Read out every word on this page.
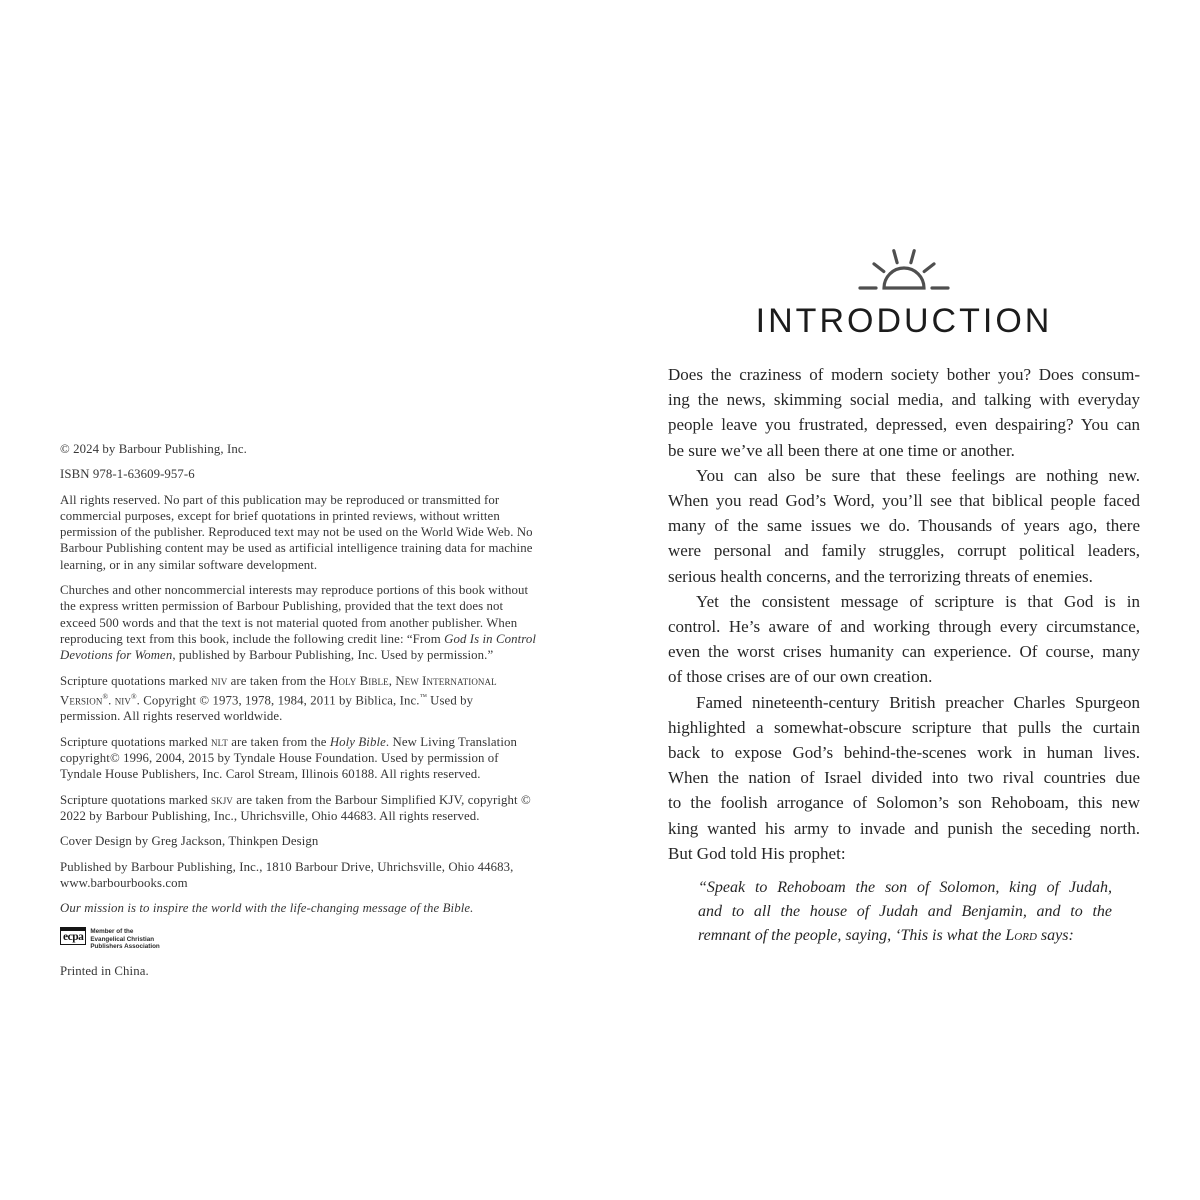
© 2024 by Barbour Publishing, Inc.
ISBN 978-1-63609-957-6
All rights reserved. No part of this publication may be reproduced or transmitted for
commercial purposes, except for brief quotations in printed reviews, without written
permission of the publisher. Reproduced text may not be used on the World Wide Web. No
Barbour Publishing content may be used as artificial intelligence training data for machine
learning, or in any similar software development.
Churches and other noncommercial interests may reproduce portions of this book without
the express written permission of Barbour Publishing, provided that the text does not
exceed 500 words and that the text is not material quoted from another publisher. When
reproducing text from this book, include the following credit line: “From God Is in Control
Devotions for Women, published by Barbour Publishing, Inc. Used by permission.”
Scripture quotations marked niv are taken from the Holy Bible, New International
Version®. niv®. Copyright © 1973, 1978, 1984, 2011 by Biblica, Inc.™ Used by
permission. All rights reserved worldwide.
Scripture quotations marked nlt are taken from the Holy Bible. New Living Translation
copyright© 1996, 2004, 2015 by Tyndale House Foundation. Used by permission of
Tyndale House Publishers, Inc. Carol Stream, Illinois 60188. All rights reserved.
Scripture quotations marked skjv are taken from the Barbour Simplified KJV, copyright ©
2022 by Barbour Publishing, Inc., Uhrichsville, Ohio 44683. All rights reserved.
Cover Design by Greg Jackson, Thinkpen Design
Published by Barbour Publishing, Inc., 1810 Barbour Drive, Uhrichsville, Ohio 44683,
www.barbourbooks.com
Our mission is to inspire the world with the life-changing message of the Bible.
ecpa	Member of the
Evangelical Christian
Publishers Association
Printed in China.
INTRODUCTION
Does the craziness of modern society bother you? Does consum-
ing the news, skimming social media, and talking with everyday
people leave you frustrated, depressed, even despairing? You can
be sure we’ve all been there at one time or another.
You can also be sure that these feelings are nothing new.
When you read God’s Word, you’ll see that biblical people faced
many of the same issues we do. Thousands of years ago, there
were personal and family struggles, corrupt political leaders,
serious health concerns, and the terrorizing threats of enemies.
Yet the consistent message of scripture is that God is in
control. He’s aware of and working through every circumstance,
even the worst crises humanity can experience. Of course, many
of those crises are of our own creation.
Famed nineteenth-century British preacher Charles Spurgeon
highlighted a somewhat-obscure scripture that pulls the curtain
back to expose God’s behind-the-scenes work in human lives.
When the nation of Israel divided into two rival countries due
to the foolish arrogance of Solomon’s son Rehoboam, this new
king wanted his army to invade and punish the seceding north.
But God told His prophet:
“Speak to Rehoboam the son of Solomon, king of Judah,
and to all the house of Judah and Benjamin, and to the
remnant of the people, saying, ‘This is what the Lord says:
